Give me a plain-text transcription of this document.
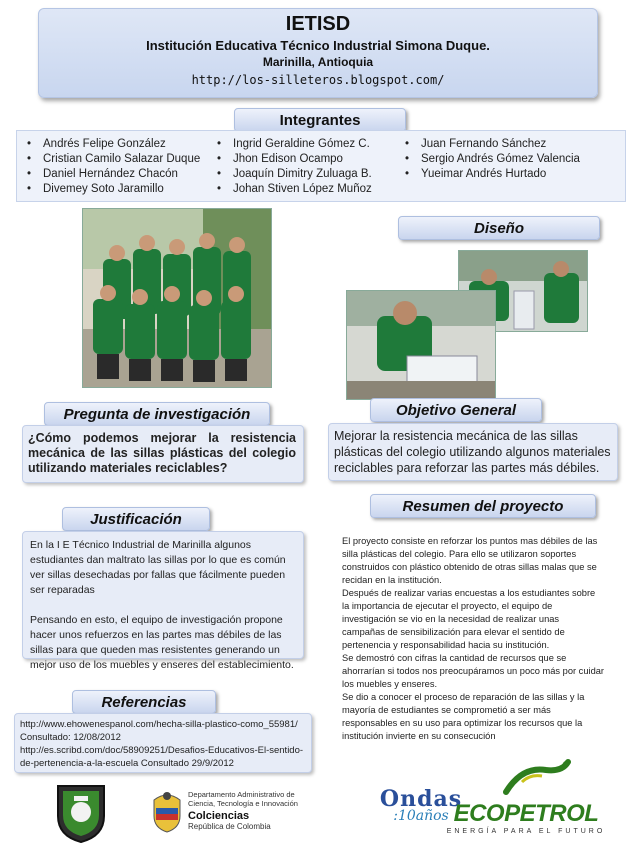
IETISD
Institución Educativa Técnico Industrial Simona Duque.
Marinilla, Antioquia
http://los-silleteros.blogspot.com/
Integrantes
• Andrés Felipe González
• Cristian Camilo Salazar Duque
• Daniel Hernández Chacón
• Divemey Soto Jaramillo
• Ingrid Geraldine Gómez C.
• Jhon Edison Ocampo
• Joaquín Dimitry Zuluaga B.
• Johan Stiven López Muñoz
• Juan Fernando Sánchez
• Sergio Andrés Gómez Valencia
• Yueimar Andrés Hurtado
Diseño
Pregunta de investigación
¿Cómo podemos mejorar la resistencia mecánica de las sillas plásticas del colegio utilizando materiales reciclables?
Objetivo General
Mejorar la resistencia mecánica de las sillas plásticas del colegio utilizando algunos materiales reciclables para reforzar las partes más débiles.
Justificación

En la I E Técnico Industrial de Marinilla algunos estudiantes dan maltrato las sillas por lo que es común ver sillas desechadas por fallas que fácilmente pueden ser reparadas

Pensando en esto, el equipo de investigación propone hacer unos refuerzos en las partes mas débiles de las sillas para que queden mas resistentes generando un mejor uso de los muebles y enseres del establecimiento.

Resumen del proyecto

El proyecto consiste en reforzar los puntos mas débiles de las silla plásticas del colegio. Para ello se utilizaron soportes construidos con plástico obtenido de otras sillas malas que se recidan en la institución.

Después de realizar varias encuestas a los estudiantes sobre la importancia de ejecutar el proyecto, el equipo de investigación se vio en la necesidad de realizar unas campañas de sensibilización para elevar el sentido de pertenencia y responsabilidad hacia su institución.

Se demostró con cifras la cantidad de recursos que se ahorrarían si todos nos preocupáramos un poco más por cuidar los muebles y enseres.

Se dio a conocer el proceso de reparación de las sillas y la mayoría de estudiantes se comprometió a ser más responsables en su uso para optimizar los recursos que la institución invierte en su consecución

Referencias
http://www.ehowenespanol.com/hecha-silla-plastico-como_55981/
Consultado: 12/08/2012
http://es.scribd.com/doc/58909251/Desafios-Educativos-El-sentido-de-pertenencia-a-la-escuela Consultado 29/9/2012
Departamento Administrativo de Ciencia, Tecnología e Innovación
Colciencias
República de Colombia
Ondas
:10años ECOPETROL
ENERGÍA PARA EL FUTURO
